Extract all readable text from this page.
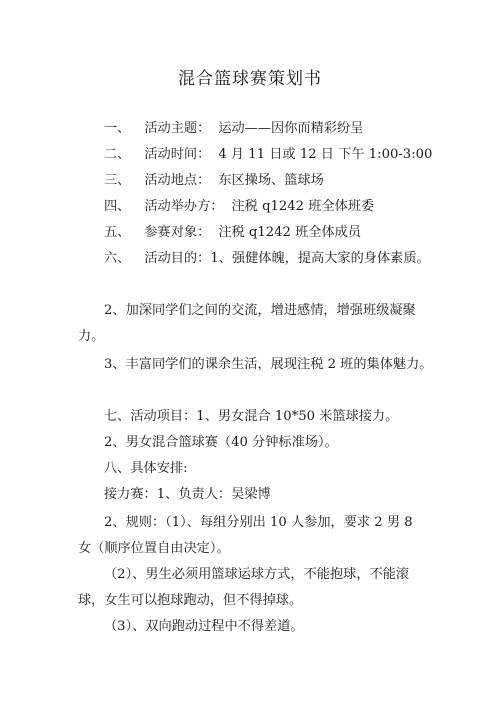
混合篮球赛策划书
一、 活动主题： 运动——因你而精彩纷呈
二、 活动时间： 4 月 11 日或 12 日 下午 1:00-3:00
三、 活动地点： 东区操场、篮球场
四、 活动举办方： 注税 q1242 班全体班委
五、 参赛对象： 注税 q1242 班全体成员
六、 活动目的：1、强健体魄，提高大家的身体素质。
2、加深同学们之间的交流，增进感情，增强班级凝聚
力。
3、丰富同学们的课余生活，展现注税 2 班的集体魅力。
七、活动项目：1、男女混合 10*50 米篮球接力。
2、男女混合篮球赛（40 分钟标准场）。
八、具体安排:
接力赛：1、负责人：吴梁博
2、规则：（1）、每组分别出 10 人参加，要求 2 男 8
女（顺序位置自由决定）。
（2）、男生必须用篮球运球方式，不能抱球，不能滚
球，女生可以抱球跑动，但不得掉球。
（3）、双向跑动过程中不得差道。
